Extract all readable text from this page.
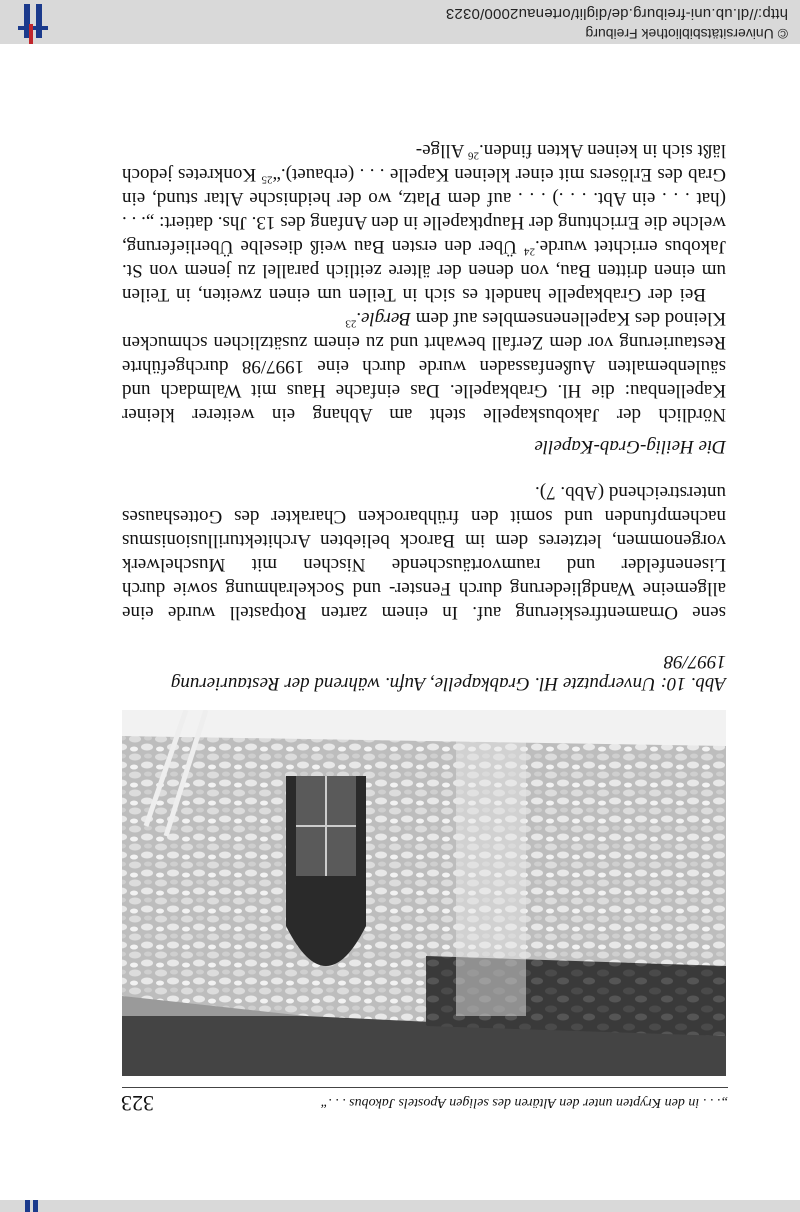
„. . . in den Krypten unter den Altären des seligen Apostels Jakobus . . .“
323
Abb. 10: Unverputzte Hl. Grabkapelle, Aufn. während der Restaurierung 1997/98

sene Ornamentfreskierung auf. In einem zarten Rotpastell wurde eine allgemeine Wandgliederung durch Fenster- und Sockelrahmung sowie durch Lisenenfelder und raumvortäuschende Nischen mit Muschelwerk vorgenommen, letzteres dem im Barock beliebten Architekturillusionismus nachempfunden und somit den frühbarocken Charakter des Gotteshauses unterstreichend (Abb. 7).

Die Heilig-Grab-Kapelle

Nördlich der Jakobuskapelle steht am Abhang ein weiterer kleiner Kapellenbau: die Hl. Grabkapelle. Das einfache Haus mit Walmdach und säulenbemalten Außenfassaden wurde durch eine 1997/98 durchgeführte Restaurierung vor dem Zerfall bewahrt und zu einem zusätzlichen schmucken Kleinod des Kapellenensembles auf dem Bergle.$^{23}$

Bei der Grabkapelle handelt es sich in Teilen um einen zweiten, in Teilen um einen dritten Bau, von denen der ältere zeitlich parallel zu jenem von St. Jakobus errichtet wurde.$^{24}$ Über den ersten Bau weiß dieselbe Überlieferung, welche die Errichtung der Hauptkapelle in den Anfang des 13. Jhs. datiert: „. . . (hat . . . ein Abt. . . .) . . . auf dem Platz, wo der heidnische Altar stund, ein Grab des Erlösers mit einer kleinen Kapelle . . . (erbauet).“$^{25}$ Konkretes jedoch läßt sich in keinen Akten finden.$^{26}$ Allge-

© Universitätsbibliothek Freiburg
http://dl.ub.uni-freiburg.de/diglit/ortenau2000/0323
